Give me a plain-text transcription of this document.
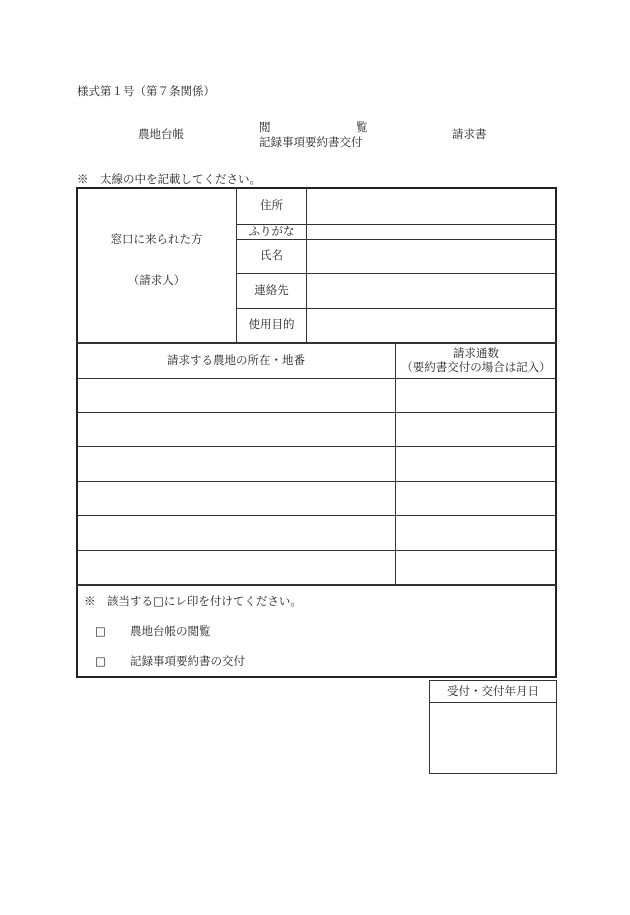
様式第１号（第７条関係）
農地台帳	閲	覧
記録事項要約書交付
請求書
※　太線の中を記載してください。
窓口に来られた方
（請求人）
住所
ふりがな
氏名
連絡先
使用目的
請求する農地の所在・地番	請求通数
（要約書交付の場合は記入）
※　該当する□にレ印を付けてください。
□ 農地台帳の閲覧
□ 記録事項要約書の交付
受付・交付年月日
